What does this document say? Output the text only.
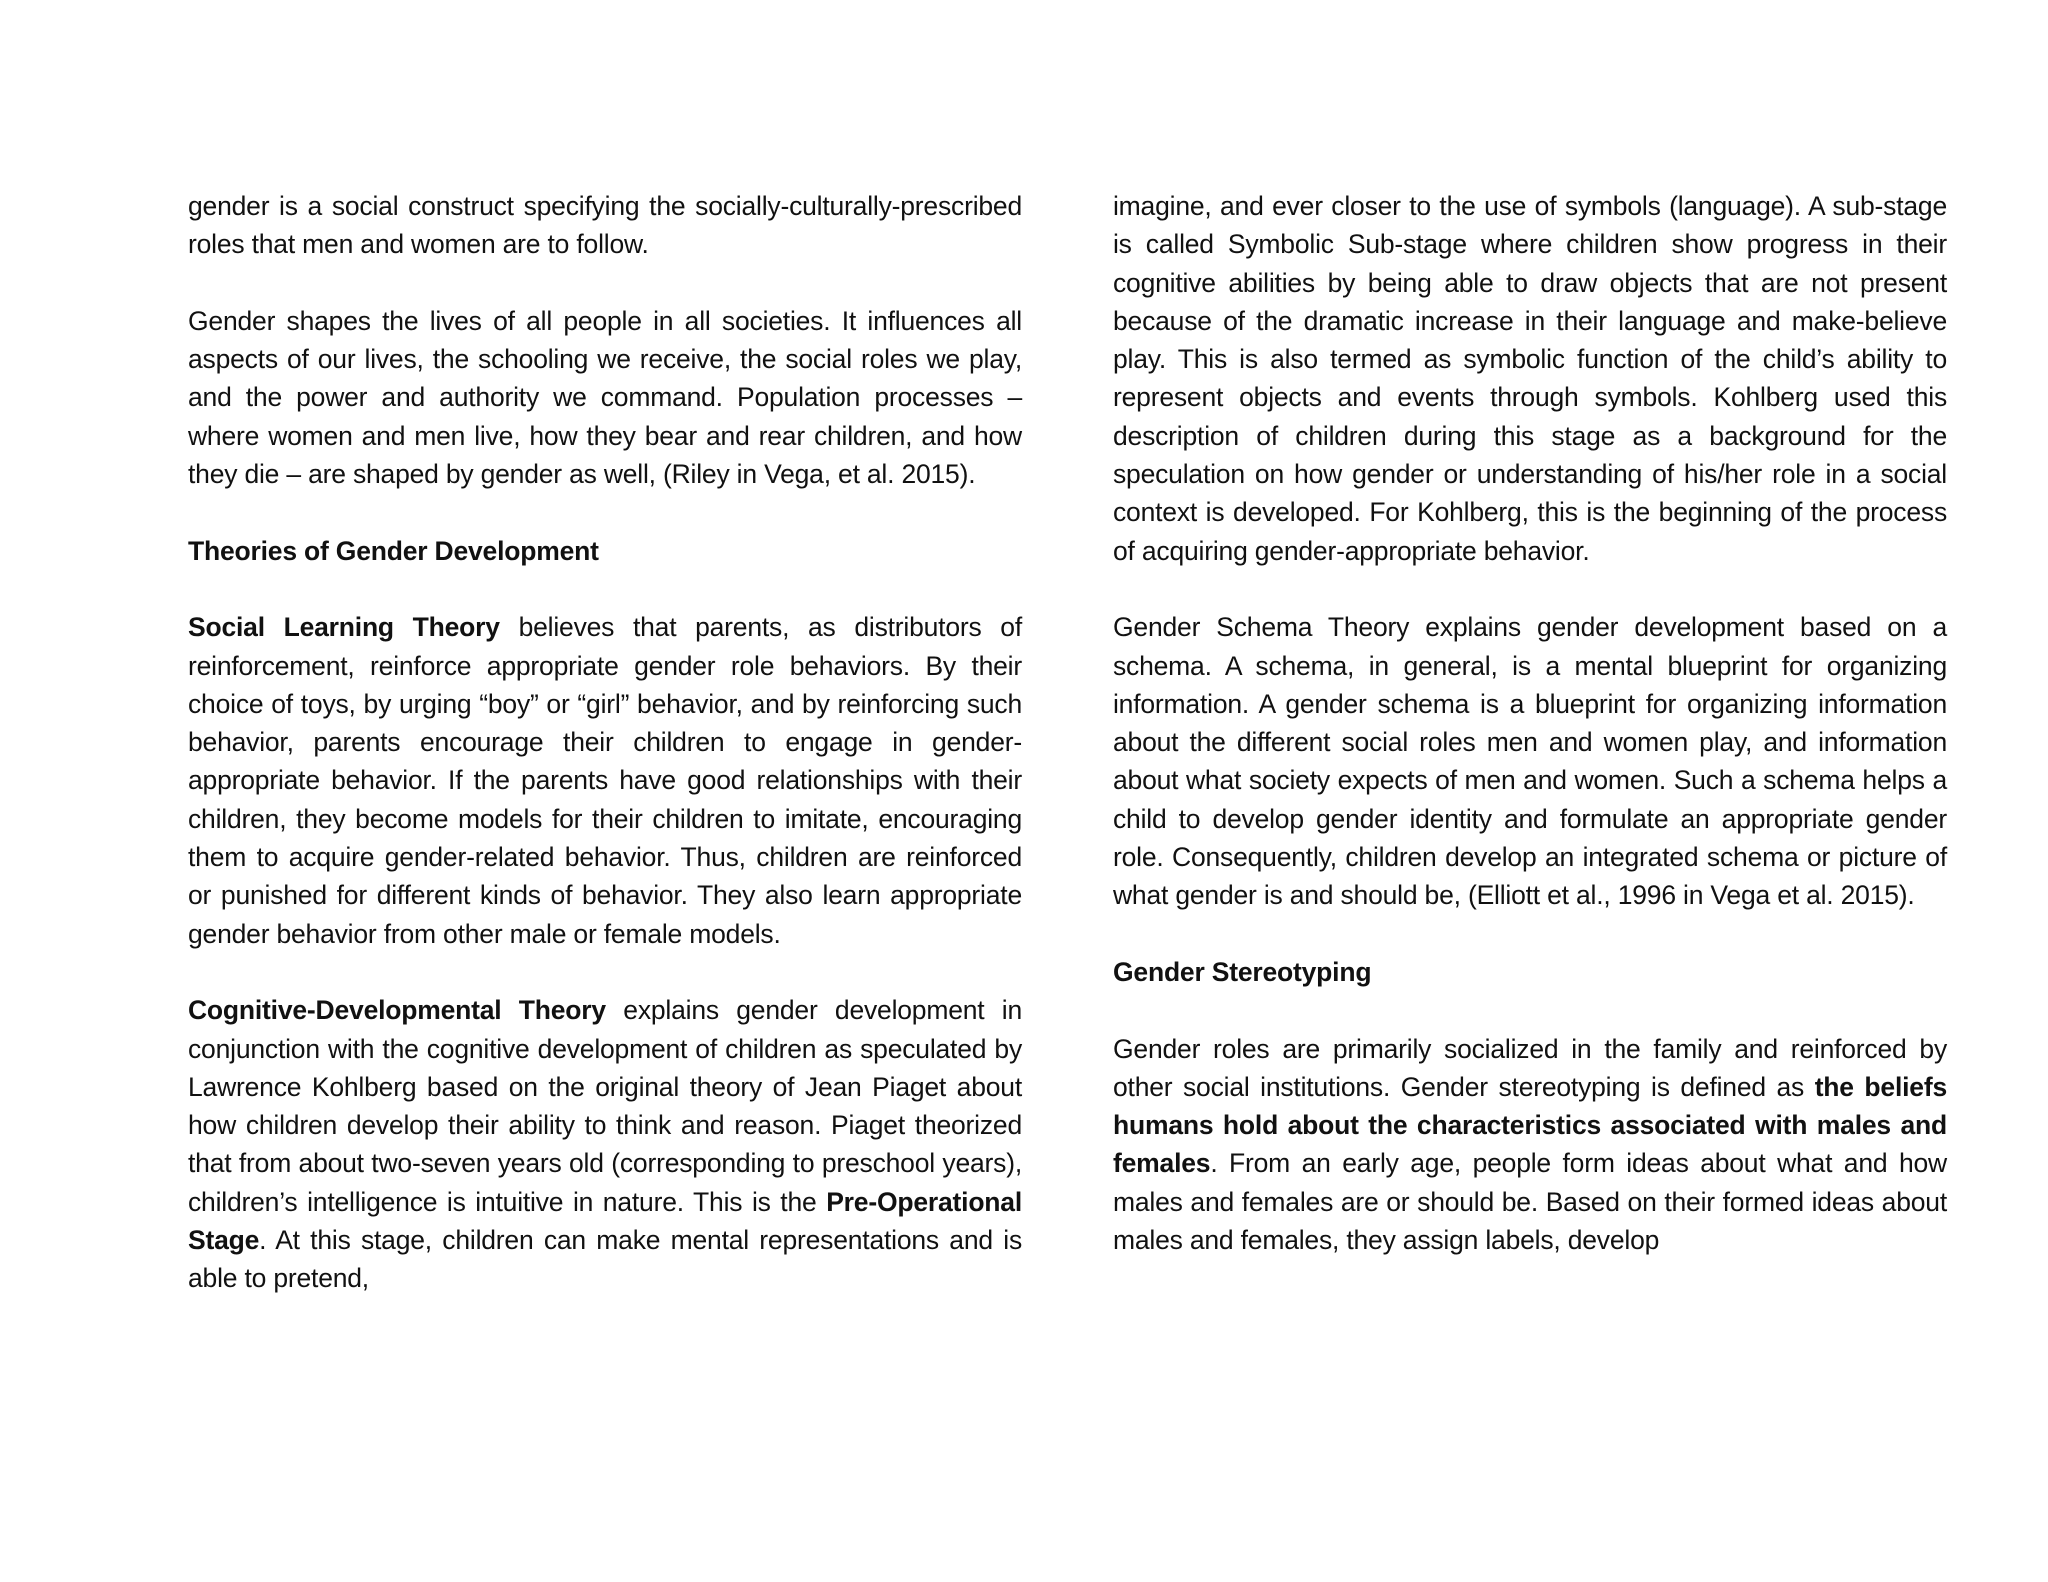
gender is a social construct specifying the socially-culturally-prescribed roles that men and women are to follow.

Gender shapes the lives of all people in all societies. It influences all aspects of our lives, the schooling we receive, the social roles we play, and the power and authority we command. Population processes – where women and men live, how they bear and rear children, and how they die – are shaped by gender as well, (Riley in Vega, et al. 2015).

Theories of Gender Development

Social Learning Theory believes that parents, as distributors of reinforcement, reinforce appropriate gender role behaviors. By their choice of toys, by urging “boy” or “girl” behavior, and by reinforcing such behavior, parents encourage their children to engage in gender-appropriate behavior. If the parents have good relationships with their children, they become models for their children to imitate, encouraging them to acquire gender-related behavior. Thus, children are reinforced or punished for different kinds of behavior. They also learn appropriate gender behavior from other male or female models.

Cognitive-Developmental Theory explains gender development in conjunction with the cognitive development of children as speculated by Lawrence Kohlberg based on the original theory of Jean Piaget about how children develop their ability to think and reason. Piaget theorized that from about two-seven years old (corresponding to preschool years), children’s intelligence is intuitive in nature. This is the Pre-Operational Stage. At this stage, children can make mental representations and is able to pretend,

imagine, and ever closer to the use of symbols (language). A sub-stage is called Symbolic Sub-stage where children show progress in their cognitive abilities by being able to draw objects that are not present because of the dramatic increase in their language and make-believe play. This is also termed as symbolic function of the child’s ability to represent objects and events through symbols. Kohlberg used this description of children during this stage as a background for the speculation on how gender or understanding of his/her role in a social context is developed. For Kohlberg, this is the beginning of the process of acquiring gender-appropriate behavior.

Gender Schema Theory explains gender development based on a schema. A schema, in general, is a mental blueprint for organizing information. A gender schema is a blueprint for organizing information about the different social roles men and women play, and information about what society expects of men and women. Such a schema helps a child to develop gender identity and formulate an appropriate gender role. Consequently, children develop an integrated schema or picture of what gender is and should be, (Elliott et al., 1996 in Vega et al. 2015).

Gender Stereotyping

Gender roles are primarily socialized in the family and reinforced by other social institutions. Gender stereotyping is defined as the beliefs humans hold about the characteristics associated with males and females. From an early age, people form ideas about what and how males and females are or should be. Based on their formed ideas about males and females, they assign labels, develop
